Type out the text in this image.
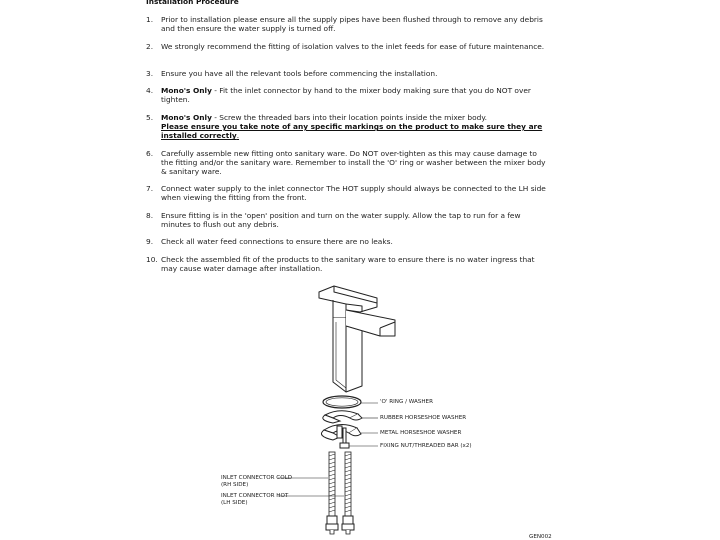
Installation Procedure
1. Prior to installation please ensure all the supply pipes have been flushed through to remove any debris and then ensure the water supply is turned off.
2. We strongly recommend the fitting of isolation valves to the inlet feeds for ease of future maintenance.
3. Ensure you have all the relevant tools before commencing the installation.
4. Mono's Only - Fit the inlet connector by hand to the mixer body making sure that you do NOT over tighten.
5. Mono's Only - Screw the threaded bars into their location points inside the mixer body.
Please ensure you take note of any specific markings on the product to make sure they are installed correctly.
6. Carefully assemble new fitting onto sanitary ware. Do NOT over-tighten as this may cause damage to the fitting and/or the sanitary ware. Remember to install the 'O' ring or washer between the mixer body & sanitary ware.
7. Connect water supply to the inlet connector The HOT supply should always be connected to the LH side when viewing the fitting from the front.
8. Ensure fitting is in the 'open' position and turn on the water supply. Allow the tap to run for a few minutes to flush out any debris.
9. Check all water feed connections to ensure there are no leaks.
10. Check the assembled fit of the products to the sanitary ware to ensure there is no water ingress that may cause water damage after installation.
'O' RING / WASHER
RUBBER HORSESHOE WASHER
METAL HORSESHOE WASHER
FIXING NUT/THREADED BAR (x2)
INLET CONNECTOR COLD
(RH SIDE)
INLET CONNECTOR HOT
(LH SIDE)
GEN002
